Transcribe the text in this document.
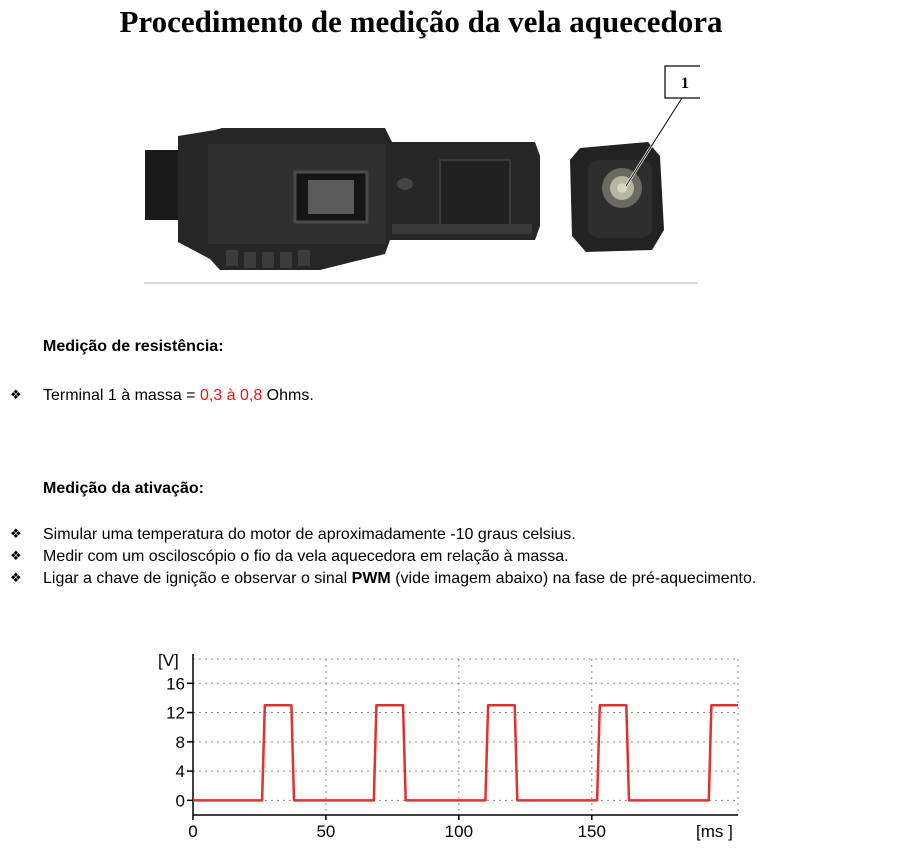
Procedimento de medição da vela aquecedora
1
Medição de resistência:
❖ Terminal 1 à massa = 0,3 à 0,8 Ohms.
Medição da ativação:
❖ Simular uma temperatura do motor de aproximadamente -10 graus celsius.
❖ Medir com um osciloscópio o fio da vela aquecedora em relação à massa.
❖ Ligar a chave de ignição e observar o sinal PWM (vide imagem abaixo) na fase de pré-aquecimento.
[V]
16
12
8
4
0
0	50	100	150	[ms ]
